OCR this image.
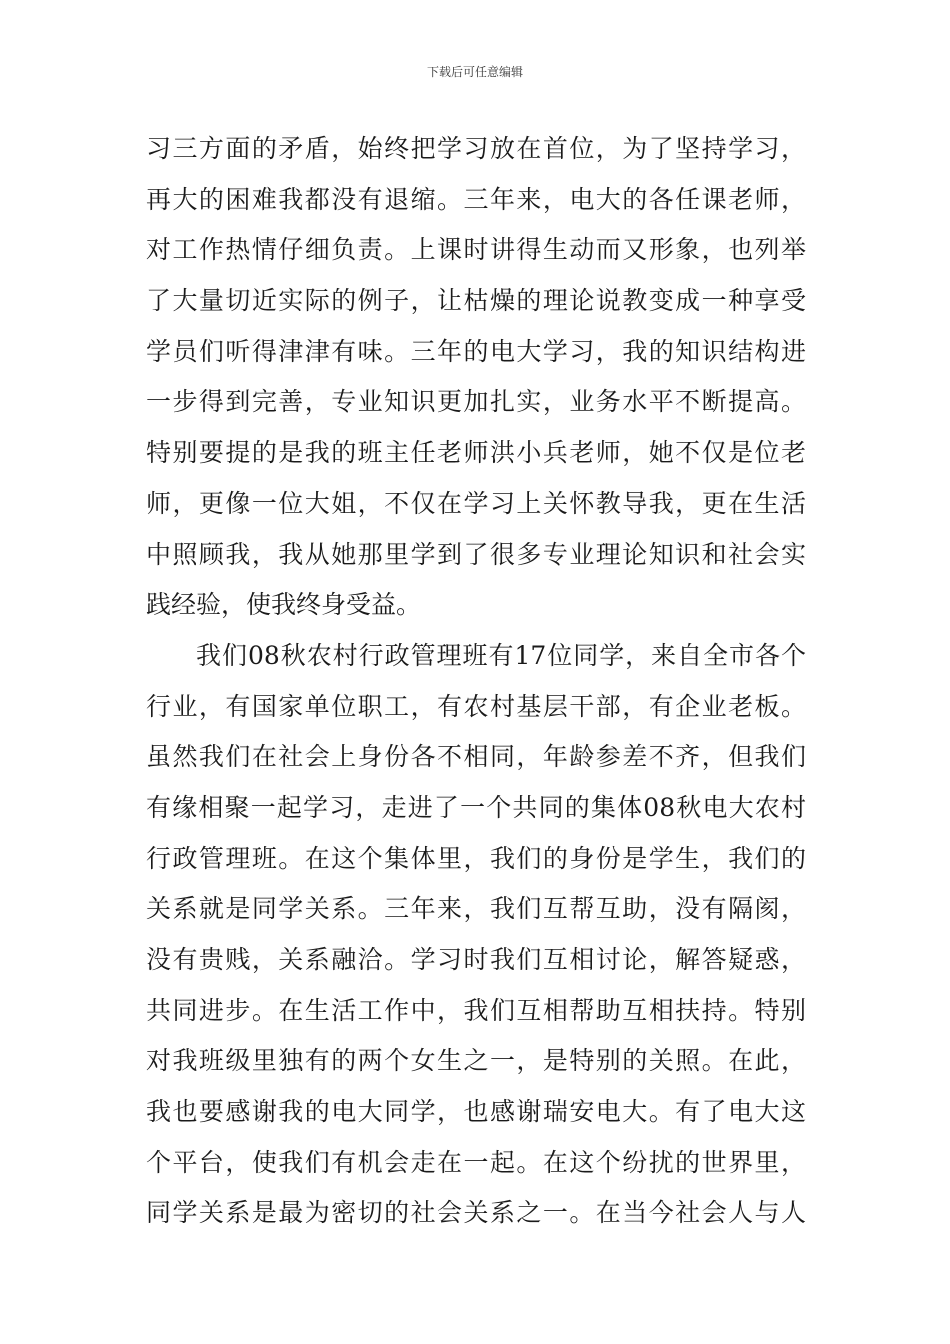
下载后可任意编辑
习三方面的矛盾，始终把学习放在首位，为了坚持学习，
再大的困难我都没有退缩。三年来，电大的各任课老师，
对工作热情仔细负责。上课时讲得生动而又形象，也列举
了大量切近实际的例子，让枯燥的理论说教变成一种享受
学员们听得津津有味。三年的电大学习，我的知识结构进
一步得到完善，专业知识更加扎实，业务水平不断提高。
特别要提的是我的班主任老师洪小兵老师，她不仅是位老
师，更像一位大姐，不仅在学习上关怀教导我，更在生活
中照顾我，我从她那里学到了很多专业理论知识和社会实
践经验，使我终身受益。
我们08秋农村行政管理班有17位同学，来自全市各个
行业，有国家单位职工，有农村基层干部，有企业老板。
虽然我们在社会上身份各不相同，年龄参差不齐，但我们
有缘相聚一起学习，走进了一个共同的集体08秋电大农村
行政管理班。在这个集体里，我们的身份是学生，我们的
关系就是同学关系。三年来，我们互帮互助，没有隔阂，
没有贵贱，关系融洽。学习时我们互相讨论，解答疑惑，
共同进步。在生活工作中，我们互相帮助互相扶持。特别
对我班级里独有的两个女生之一，是特别的关照。在此，
我也要感谢我的电大同学，也感谢瑞安电大。有了电大这
个平台，使我们有机会走在一起。在这个纷扰的世界里，
同学关系是最为密切的社会关系之一。在当今社会人与人
